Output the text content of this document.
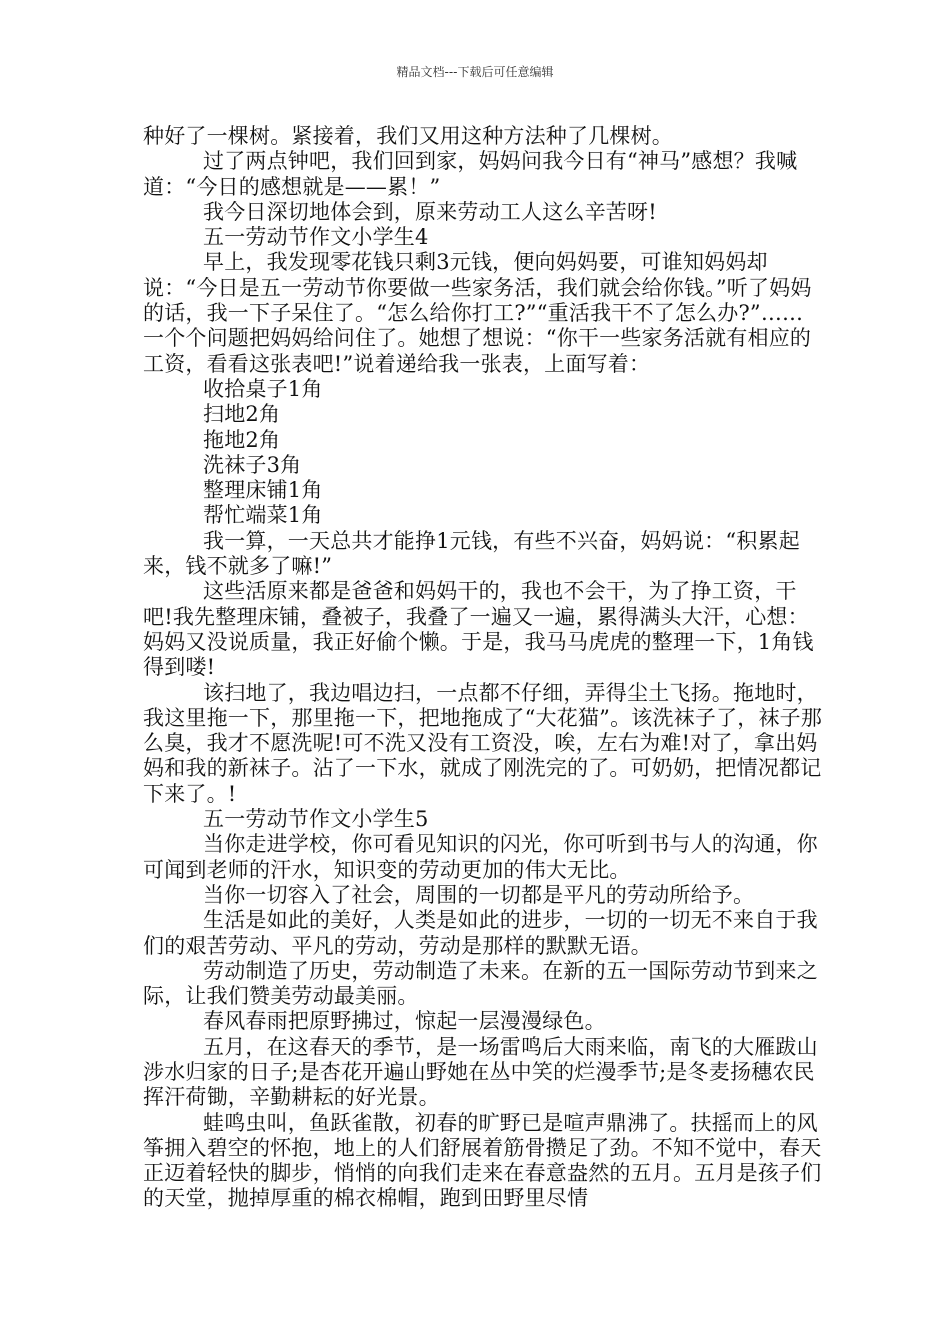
精品文档---下载后可任意编辑

种好了一棵树。紧接着，我们又用这种方法种了几棵树。

过了两点钟吧，我们回到家，妈妈问我今日有“神马”感想？我喊道：“今日的感想就是——累！”

我今日深切地体会到，原来劳动工人这么辛苦呀!

五一劳动节作文小学生4

早上，我发现零花钱只剩3元钱，便向妈妈要，可谁知妈妈却说：“今日是五一劳动节你要做一些家务活，我们就会给你钱。”听了妈妈的话，我一下子呆住了。“怎么给你打工?”“重活我干不了怎么办?”……一个个问题把妈妈给问住了。她想了想说：“你干一些家务活就有相应的工资，看看这张表吧!”说着递给我一张表，上面写着：

收拾桌子1角

扫地2角

拖地2角

洗袜子3角

整理床铺1角

帮忙端菜1角

我一算，一天总共才能挣1元钱，有些不兴奋，妈妈说：“积累起来，钱不就多了嘛!”

这些活原来都是爸爸和妈妈干的，我也不会干，为了挣工资，干吧!我先整理床铺，叠被子，我叠了一遍又一遍，累得满头大汗，心想：妈妈又没说质量，我正好偷个懒。于是，我马马虎虎的整理一下，1角钱得到喽!

该扫地了，我边唱边扫，一点都不仔细，弄得尘土飞扬。拖地时，我这里拖一下，那里拖一下，把地拖成了“大花猫”。该洗袜子了，袜子那么臭，我才不愿洗呢!可不洗又没有工资没，唉，左右为难!对了，拿出妈妈和我的新袜子。沾了一下水，就成了刚洗完的了。可奶奶，把情况都记下来了。!

五一劳动节作文小学生5

当你走进学校，你可看见知识的闪光，你可听到书与人的沟通，你可闻到老师的汗水，知识变的劳动更加的伟大无比。

当你一切容入了社会，周围的一切都是平凡的劳动所给予。

生活是如此的美好，人类是如此的进步，一切的一切无不来自于我们的艰苦劳动、平凡的劳动，劳动是那样的默默无语。

劳动制造了历史，劳动制造了未来。在新的五一国际劳动节到来之际，让我们赞美劳动最美丽。

春风春雨把原野拂过，惊起一层漫漫绿色。

五月，在这春天的季节，是一场雷鸣后大雨来临，南飞的大雁跋山涉水归家的日子;是杏花开遍山野她在丛中笑的烂漫季节;是冬麦扬穗农民挥汗荷锄，辛勤耕耘的好光景。

蛙鸣虫叫，鱼跃雀散，初春的旷野已是喧声鼎沸了。扶摇而上的风筝拥入碧空的怀抱，地上的人们舒展着筋骨攒足了劲。不知不觉中，春天正迈着轻快的脚步，悄悄的向我们走来在春意盎然的五月。五月是孩子们的天堂，抛掉厚重的棉衣棉帽，跑到田野里尽情
